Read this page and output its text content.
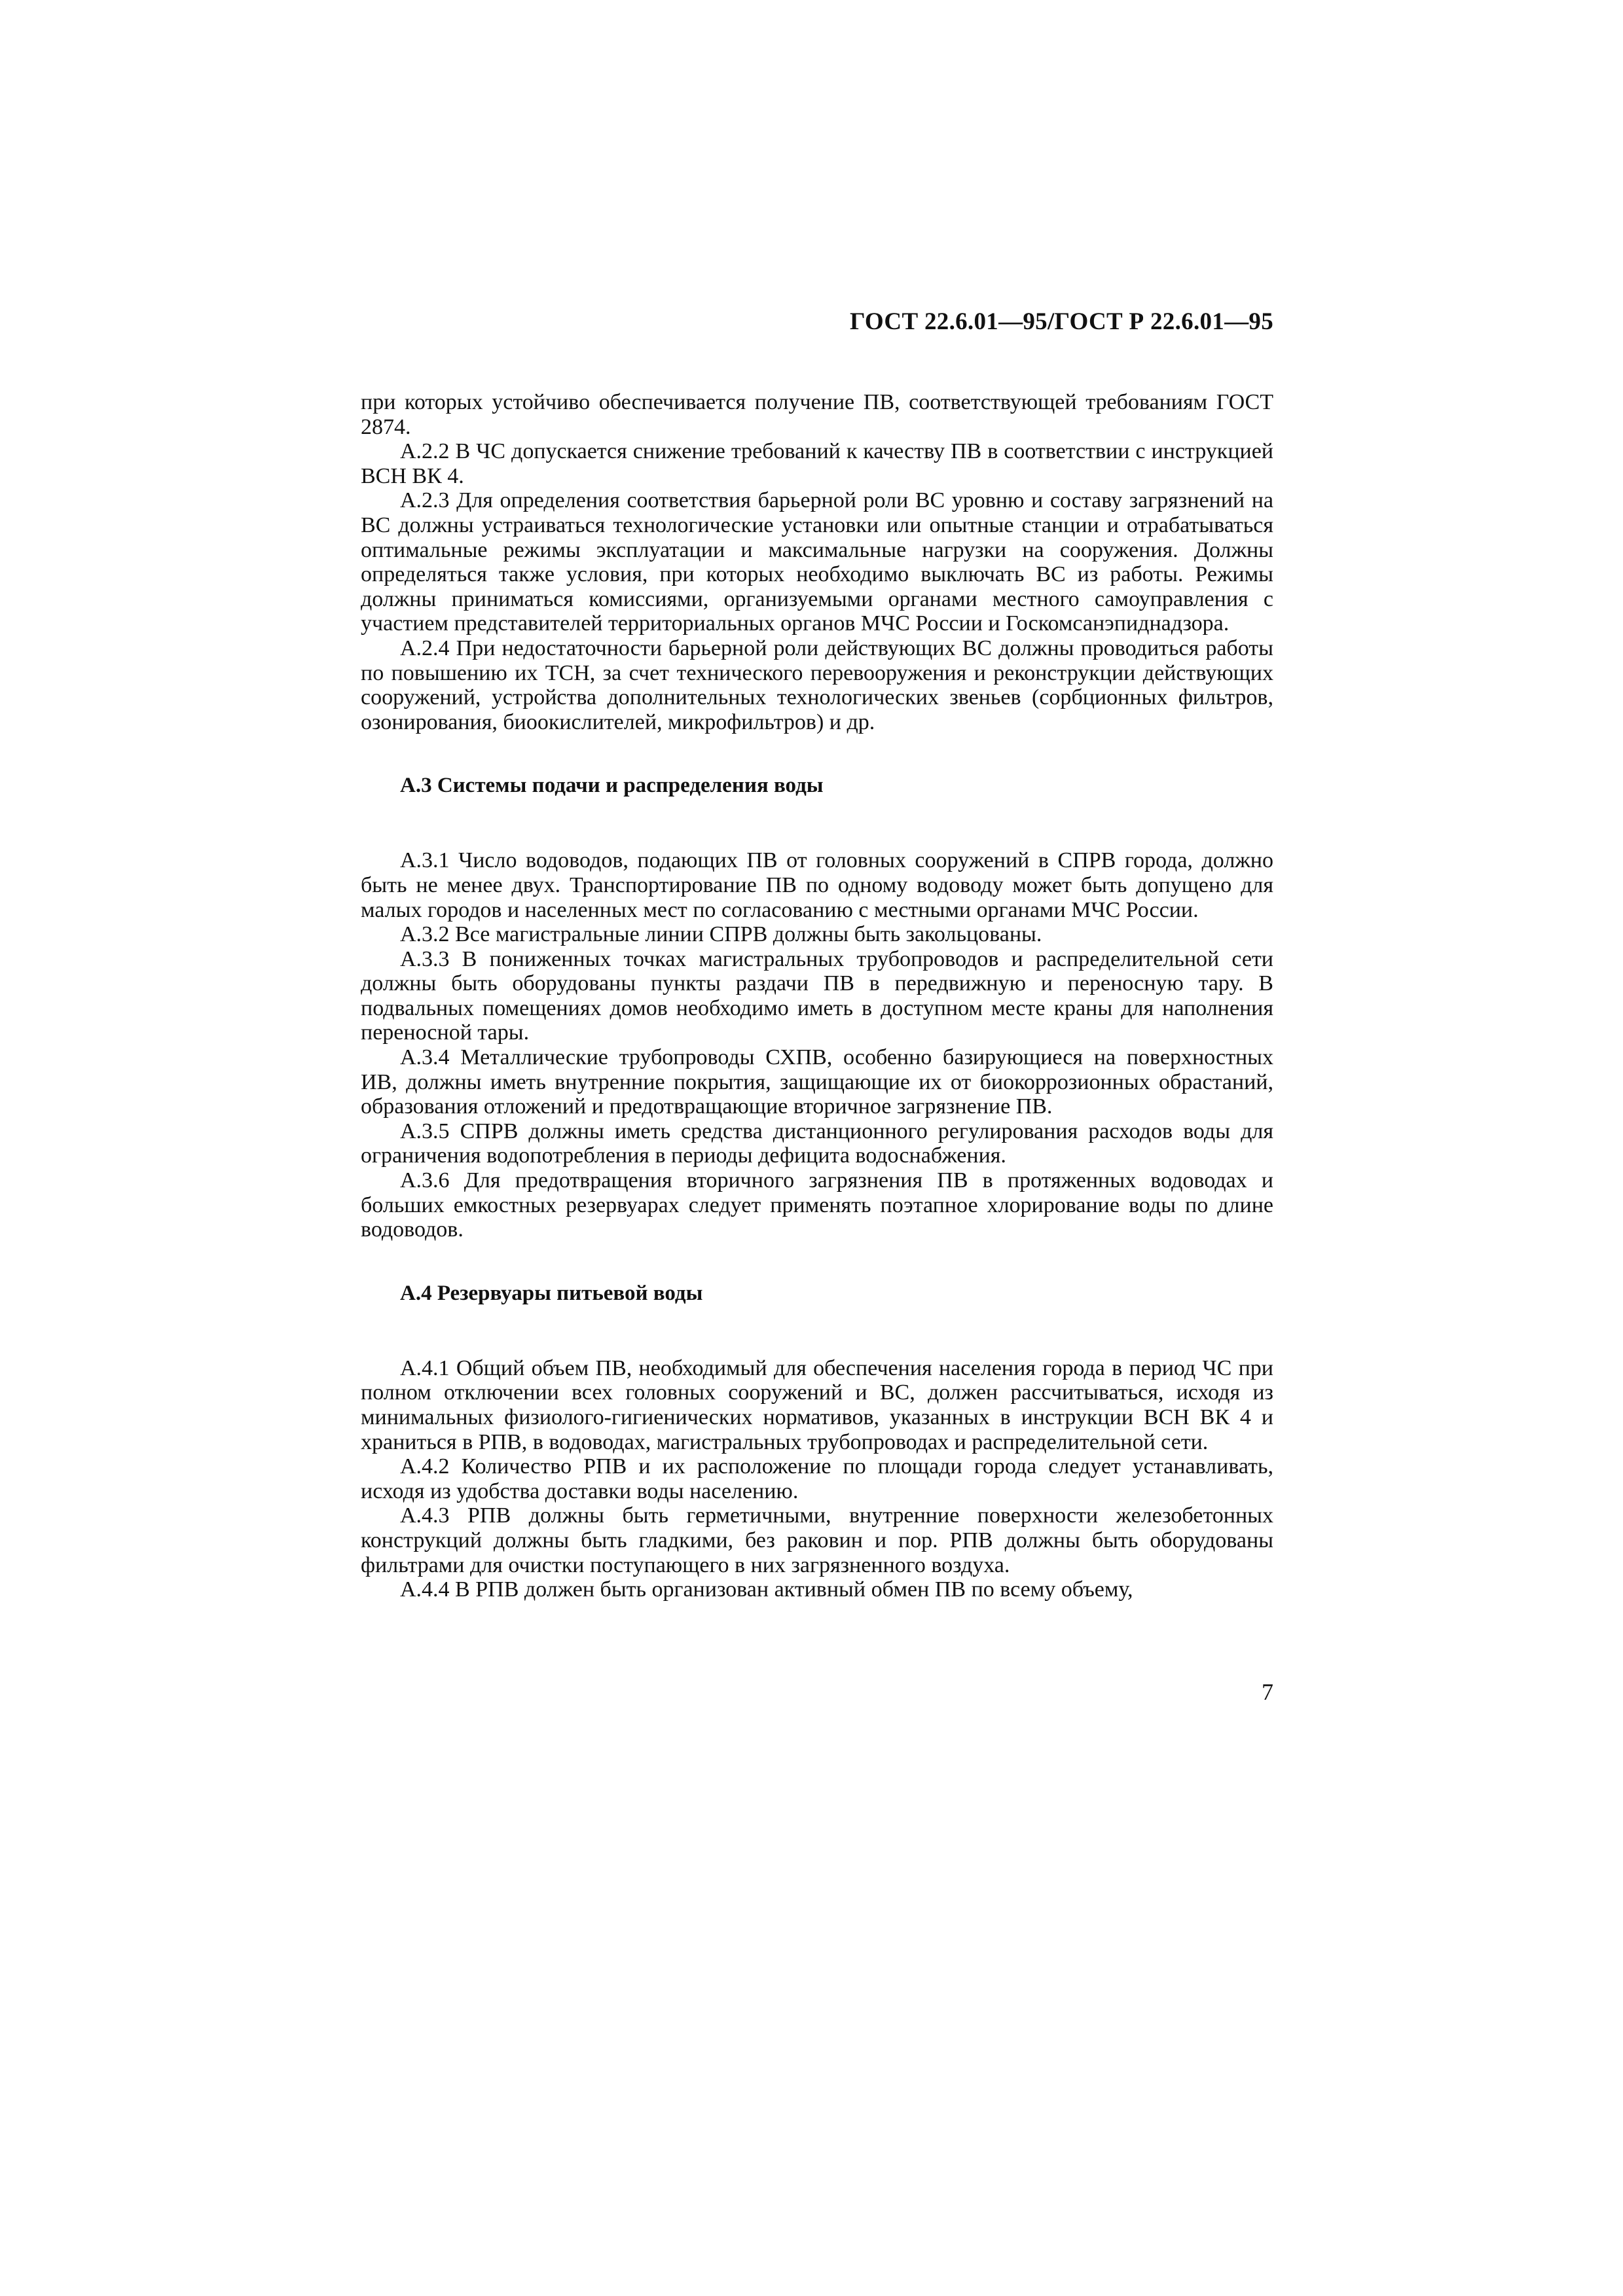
ГОСТ 22.6.01—95/ГОСТ Р 22.6.01—95

при которых устойчиво обеспечивается получение ПВ, соответствующей требованиям ГОСТ 2874.

А.2.2 В ЧС допускается снижение требований к качеству ПВ в соответствии с инструкцией ВСН ВК 4.

А.2.3 Для определения соответствия барьерной роли ВС уровню и составу загрязнений на ВС должны устраиваться технологические установки или опытные станции и отрабатываться оптимальные режимы эксплуатации и максимальные нагрузки на сооружения. Должны определяться также условия, при которых необходимо выключать ВС из работы. Режимы должны приниматься комиссиями, организуемыми органами местного самоуправления с участием представителей территориальных органов МЧС России и Госкомсанэпиднадзора.

А.2.4 При недостаточности барьерной роли действующих ВС должны проводиться работы по повышению их ТСН, за счет технического перевооружения и реконструкции действующих сооружений, устройства дополнительных технологических звеньев (сорбционных фильтров, озонирования, биоокислителей, микрофильтров) и др.

А.3 Системы подачи и распределения воды

А.3.1 Число водоводов, подающих ПВ от головных сооружений в СПРВ города, должно быть не менее двух. Транспортирование ПВ по одному водоводу может быть допущено для малых городов и населенных мест по согласованию с местными органами МЧС России.

А.3.2 Все магистральные линии СПРВ должны быть закольцованы.

А.3.3 В пониженных точках магистральных трубопроводов и распределительной сети должны быть оборудованы пункты раздачи ПВ в передвижную и переносную тару. В подвальных помещениях домов необходимо иметь в доступном месте краны для наполнения переносной тары.

А.3.4 Металлические трубопроводы СХПВ, особенно базирующиеся на поверхностных ИВ, должны иметь внутренние покрытия, защищающие их от биокоррозионных обрастаний, образования отложений и предотвращающие вторичное загрязнение ПВ.

А.3.5 СПРВ должны иметь средства дистанционного регулирования расходов воды для ограничения водопотребления в периоды дефицита водоснабжения.

А.3.6 Для предотвращения вторичного загрязнения ПВ в протяженных водоводах и больших емкостных резервуарах следует применять поэтапное хлорирование воды по длине водоводов.

А.4 Резервуары питьевой воды

А.4.1 Общий объем ПВ, необходимый для обеспечения населения города в период ЧС при полном отключении всех головных сооружений и ВС, должен рассчитываться, исходя из минимальных физиолого-гигиенических нормативов, указанных в инструкции ВСН ВК 4 и храниться в РПВ, в водоводах, магистральных трубопроводах и распределительной сети.

А.4.2 Количество РПВ и их расположение по площади города следует устанавливать, исходя из удобства доставки воды населению.

А.4.3 РПВ должны быть герметичными, внутренние поверхности железобетонных конструкций должны быть гладкими, без раковин и пор. РПВ должны быть оборудованы фильтрами для очистки поступающего в них загрязненного воздуха.

А.4.4 В РПВ должен быть организован активный обмен ПВ по всему объему,

7
